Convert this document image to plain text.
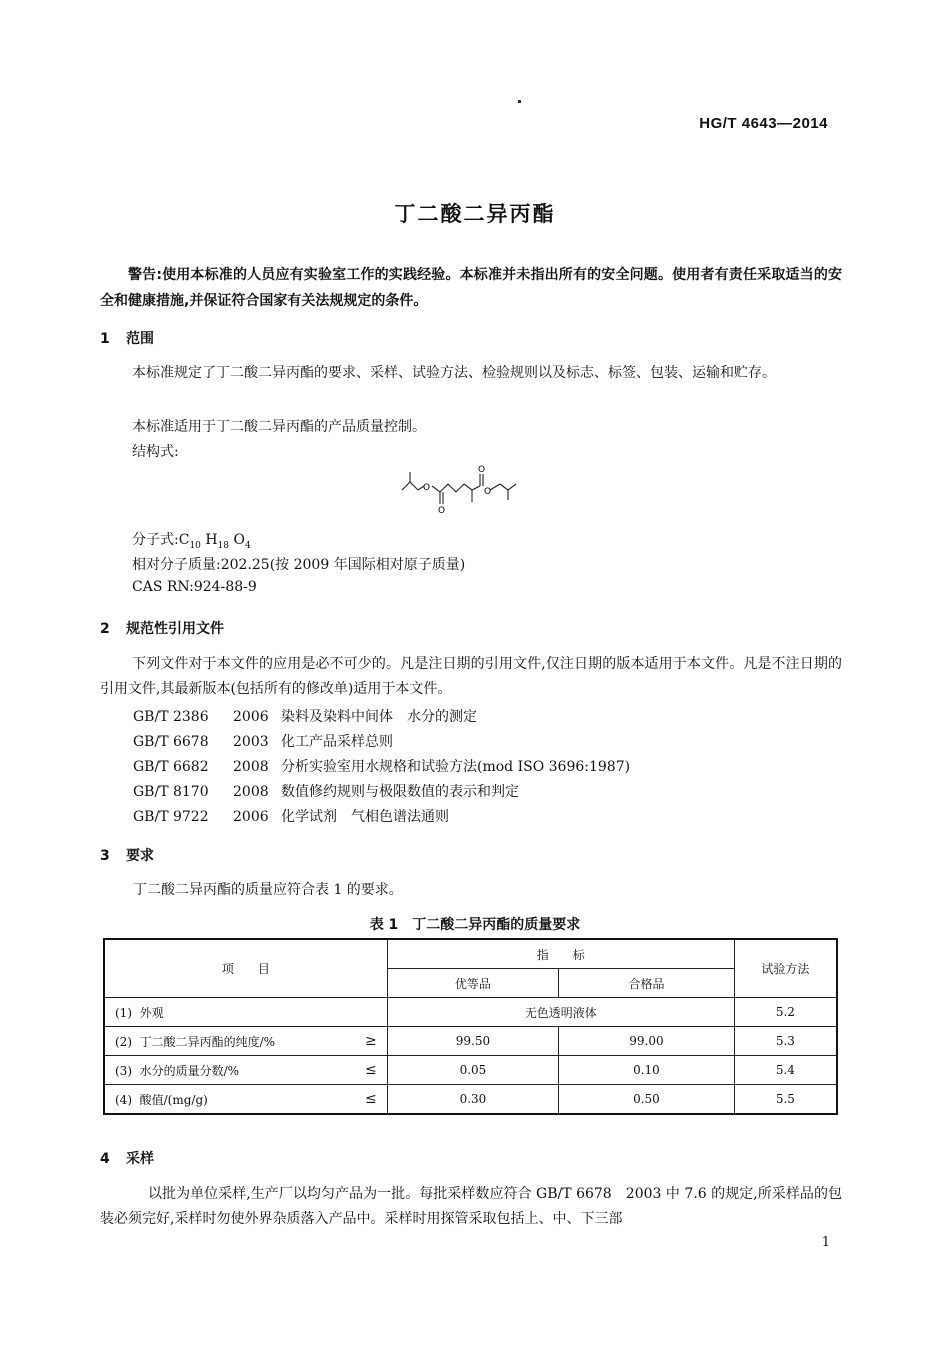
HG/T 4643—2014
丁二酸二异丙酯
警告:使用本标准的人员应有实验室工作的实践经验。本标准并未指出所有的安全问题。使用者有责任采取适当的安全和健康措施,并保证符合国家有关法规规定的条件。
1 范围
本标准规定了丁二酸二异丙酯的要求、采样、试验方法、检验规则以及标志、标签、包装、运输和贮存。
本标准适用于丁二酸二异丙酯的产品质量控制。
结构式:
O
O
O
O
分子式$:C_{10}$ $H_{18}$ $O_4$
相对分子质量:202.25(按 2009 年国际相对原子质量)
CAS RN:924-88-9
2 规范性引用文件
下列文件对于本文件的应用是必不可少的。凡是注日期的引用文件,仅注日期的版本适用于本文件。凡是不注日期的引用文件,其最新版本(包括所有的修改单)适用于本文件。
GB/T 2386 2006 染料及染料中间体　水分的测定
GB/T 6678 2003 化工产品采样总则
GB/T 6682 2008 分析实验室用水规格和试验方法(mod ISO 3696:1987)
GB/T 8170 2008 数值修约规则与极限数值的表示和判定
GB/T 9722 2006 化学试剂　气相色谱法通则
3 要求
丁二酸二异丙酯的质量应符合表 1 的要求。
表 1　丁二酸二异丙酯的质量要求
项　　目	指　　标		试验方法
	优等品	合格品	
(1) 外观	无色透明液体		5.2
(2) 丁二酸二异丙酯的纯度/% ≥	99.50	99.00	5.3
(3) 水分的质量分数/% ≤	0.05	0.10	5.4
(4) 酸值/(mg/g) ≤	0.30	0.50	5.5
4 采样
以批为单位采样,生产厂以均匀产品为一批。每批采样数应符合 GB/T 6678　2003 中 7.6 的规定,所采样品的包装必须完好,采样时勿使外界杂质落入产品中。采样时用探管采取包括上、中、下三部
1
